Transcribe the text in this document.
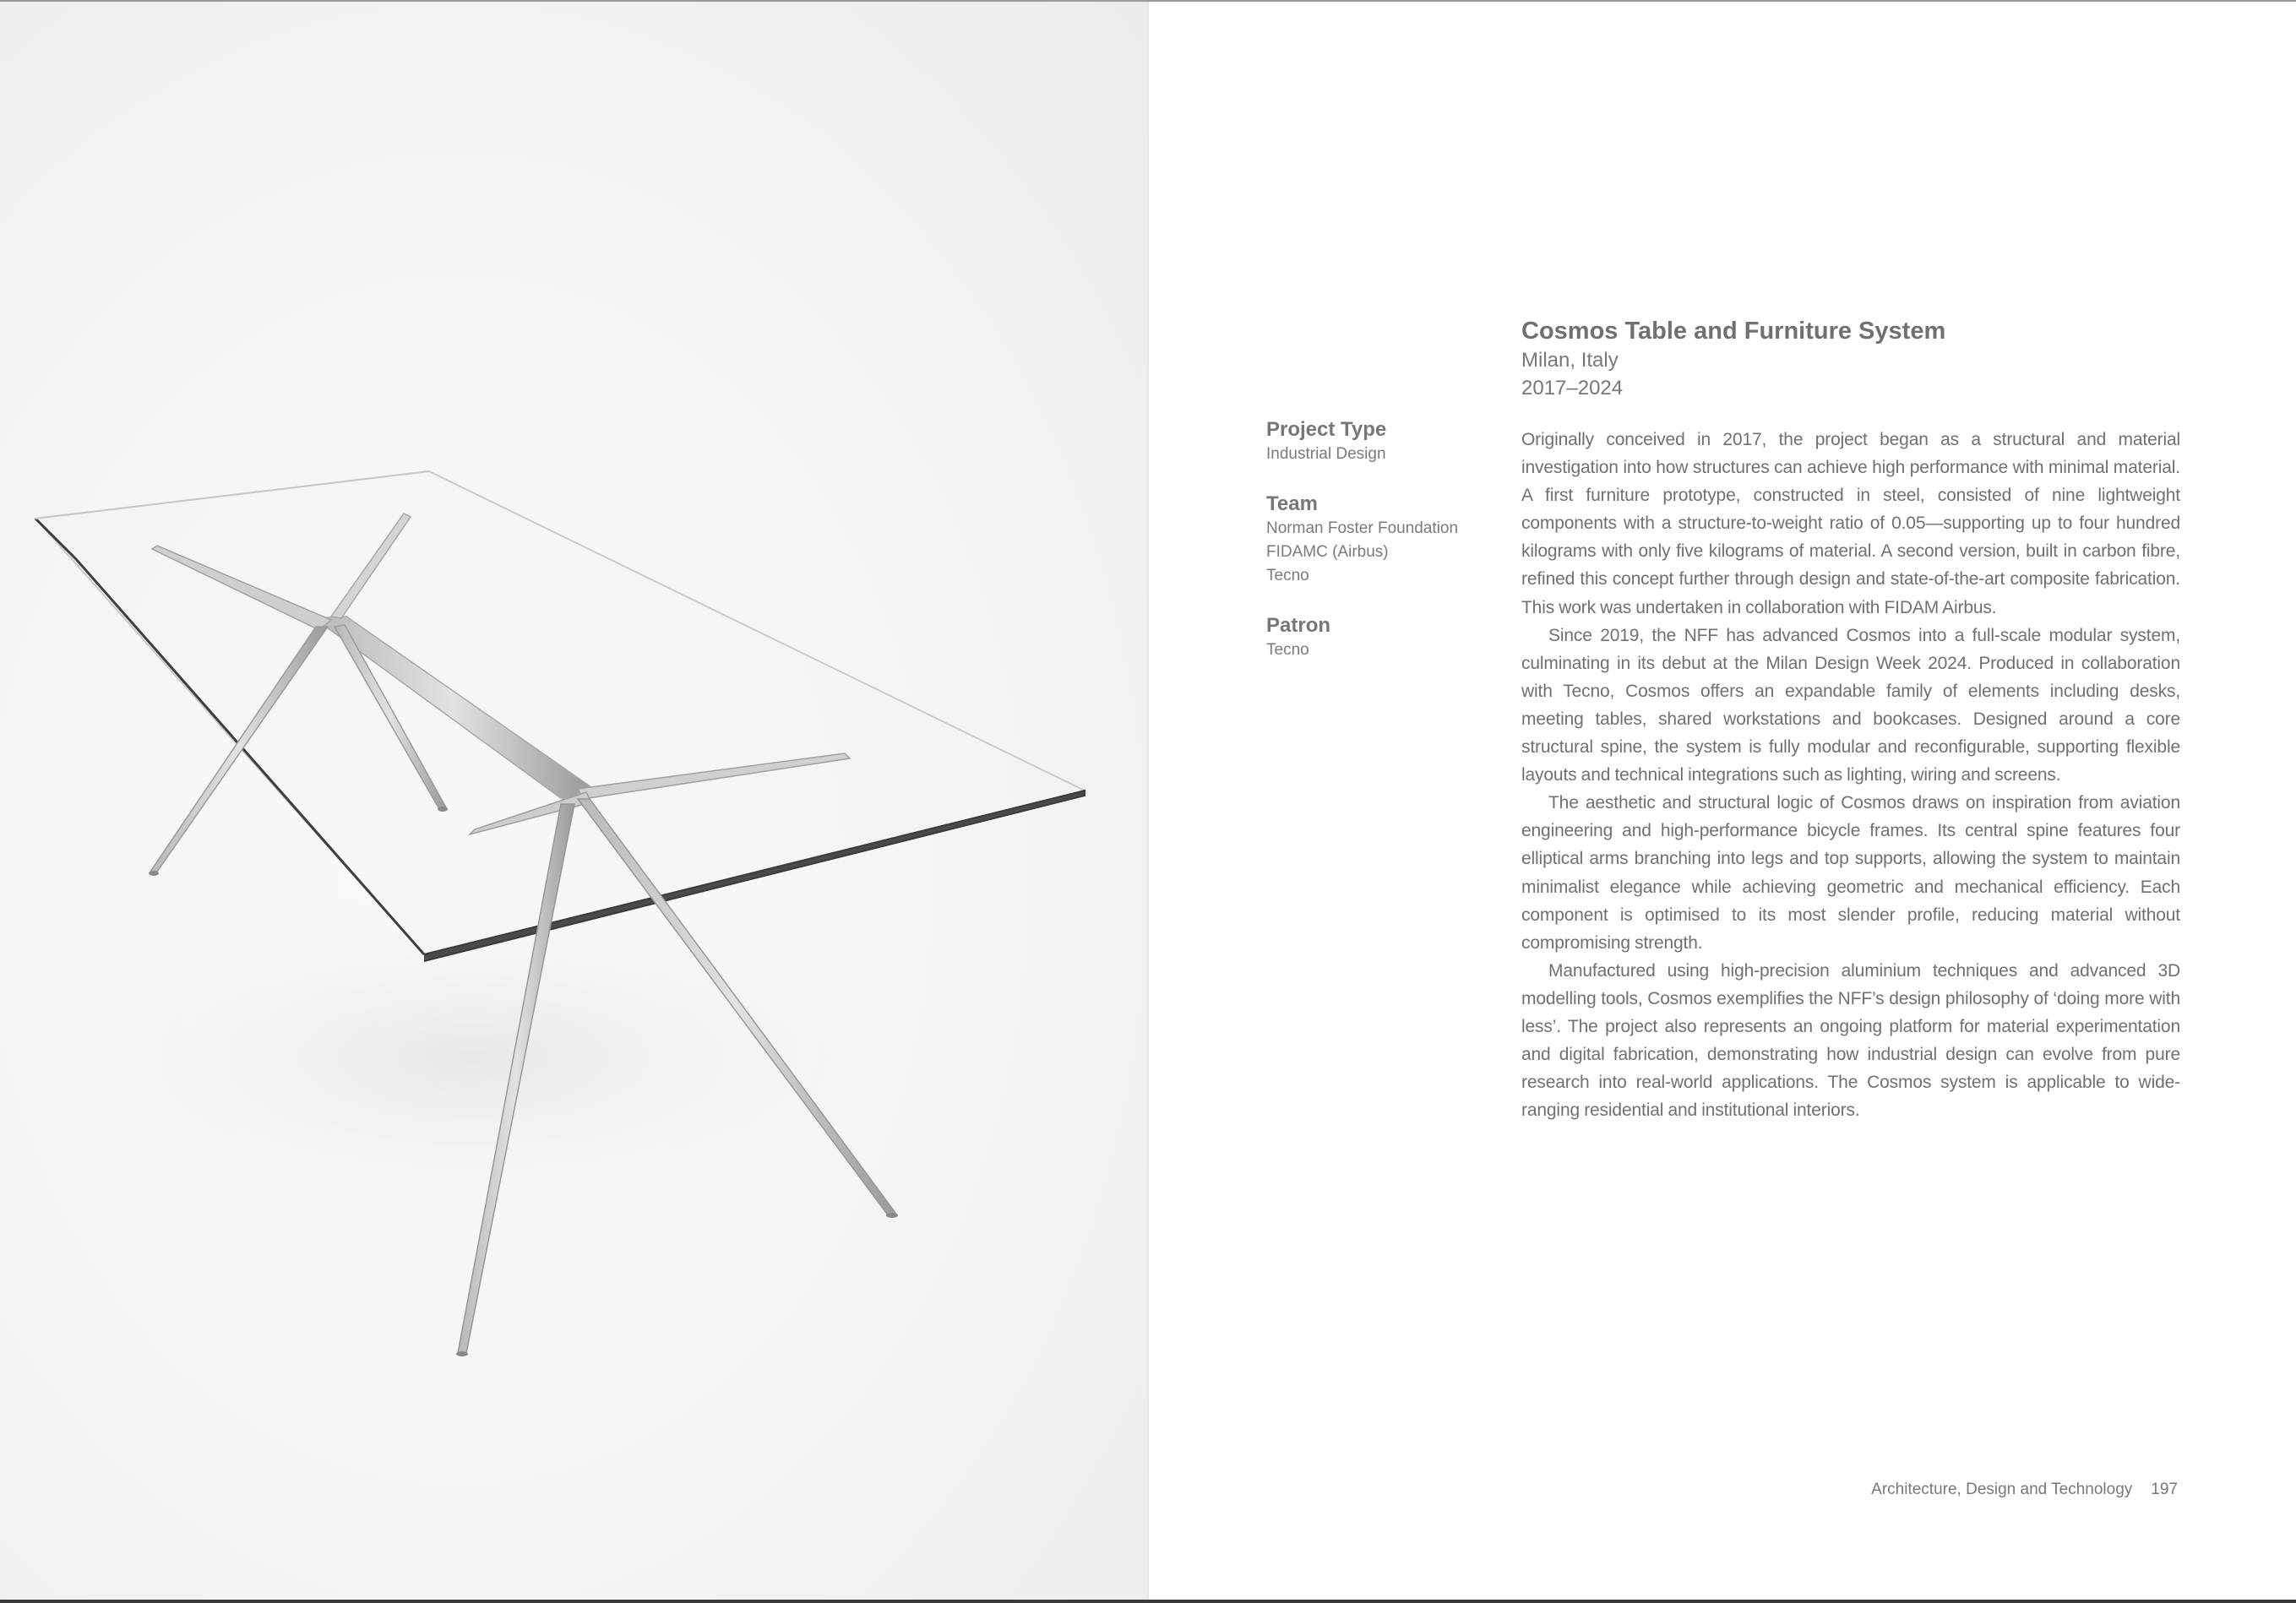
Project Type
Industrial Design
Team
Norman Foster Foundation
FIDAMC (Airbus)
Tecno
Patron
Tecno
Cosmos Table and Furniture System
Milan, Italy
2017–2024

Originally conceived in 2017, the project began as a structural and material investigation into how structures can achieve high performance with minimal material. A first furniture prototype, constructed in steel, consisted of nine lightweight components with a structure-to-weight ratio of 0.05—supporting up to four hundred kilograms with only five kilograms of material. A second version, built in carbon fibre, refined this concept further through design and state-of-the-art composite fabrication. This work was undertaken in collaboration with FIDAM Airbus.

Since 2019, the NFF has advanced Cosmos into a full-scale modular system, culminating in its debut at the Milan Design Week 2024. Produced in collaboration with Tecno, Cosmos offers an expandable family of elements including desks, meeting tables, shared workstations and bookcases. Designed around a core structural spine, the system is fully modular and reconfigurable, supporting flexible layouts and technical integrations such as lighting, wiring and screens.

The aesthetic and structural logic of Cosmos draws on inspiration from aviation engineering and high-performance bicycle frames. Its central spine features four elliptical arms branching into legs and top supports, allowing the system to maintain minimalist elegance while achieving geometric and mechanical efficiency. Each component is optimised to its most slender profile, reducing material without compromising strength.

Manufactured using high-precision aluminium techniques and advanced 3D modelling tools, Cosmos exemplifies the NFF’s design philosophy of ‘doing more with less’. The project also represents an ongoing platform for material experimentation and digital fabrication, demonstrating how industrial design can evolve from pure research into real-world applications. The Cosmos system is applicable to wide-ranging residential and institutional interiors.

Architecture, Design and Technology 197
